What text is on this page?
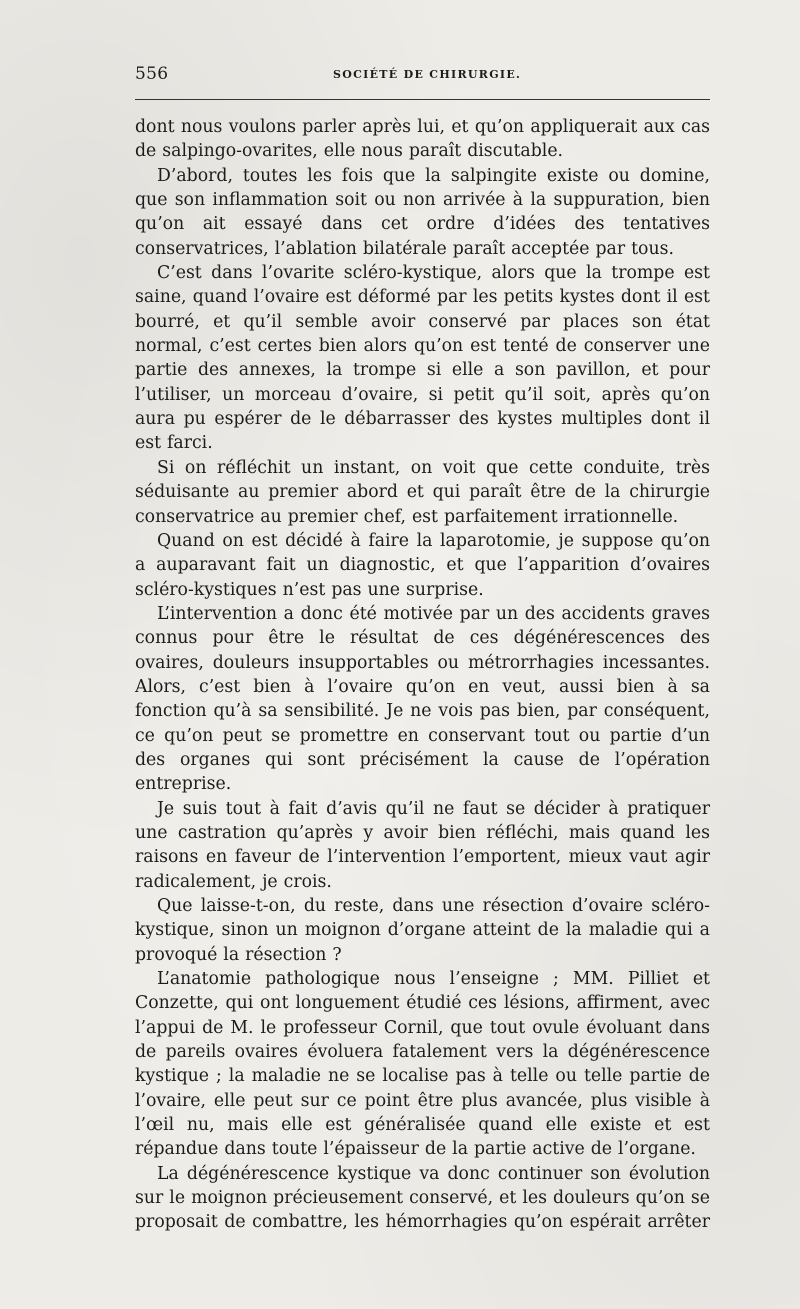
556	SOCIÉTÉ DE CHIRURGIE.

dont nous voulons parler après lui, et qu’on appliquerait aux cas de salpingo-ovarites, elle nous paraît discutable.

D’abord, toutes les fois que la salpingite existe ou domine, que son inflammation soit ou non arrivée à la suppuration, bien qu’on ait essayé dans cet ordre d’idées des tentatives conservatrices, l’ablation bilatérale paraît acceptée par tous.

C’est dans l’ovarite scléro-kystique, alors que la trompe est saine, quand l’ovaire est déformé par les petits kystes dont il est bourré, et qu’il semble avoir conservé par places son état normal, c’est certes bien alors qu’on est tenté de conserver une partie des annexes, la trompe si elle a son pavillon, et pour l’utiliser, un morceau d’ovaire, si petit qu’il soit, après qu’on aura pu espérer de le débarrasser des kystes multiples dont il est farci.

Si on réfléchit un instant, on voit que cette conduite, très séduisante au premier abord et qui paraît être de la chirurgie conservatrice au premier chef, est parfaitement irrationnelle.

Quand on est décidé à faire la laparotomie, je suppose qu’on a auparavant fait un diagnostic, et que l’apparition d’ovaires scléro-kystiques n’est pas une surprise.

L’intervention a donc été motivée par un des accidents graves connus pour être le résultat de ces dégénérescences des ovaires, douleurs insupportables ou métrorrhagies incessantes. Alors, c’est bien à l’ovaire qu’on en veut, aussi bien à sa fonction qu’à sa sensibilité. Je ne vois pas bien, par conséquent, ce qu’on peut se promettre en conservant tout ou partie d’un des organes qui sont précisément la cause de l’opération entreprise.

Je suis tout à fait d’avis qu’il ne faut se décider à pratiquer une castration qu’après y avoir bien réfléchi, mais quand les raisons en faveur de l’intervention l’emportent, mieux vaut agir radicalement, je crois.

Que laisse-t-on, du reste, dans une résection d’ovaire scléro-kystique, sinon un moignon d’organe atteint de la maladie qui a provoqué la résection ?

L’anatomie pathologique nous l’enseigne ; MM. Pilliet et Conzette, qui ont longuement étudié ces lésions, affirment, avec l’appui de M. le professeur Cornil, que tout ovule évoluant dans de pareils ovaires évoluera fatalement vers la dégénérescence kystique ; la maladie ne se localise pas à telle ou telle partie de l’ovaire, elle peut sur ce point être plus avancée, plus visible à l’œil nu, mais elle est généralisée quand elle existe et est répandue dans toute l’épaisseur de la partie active de l’organe.

La dégénérescence kystique va donc continuer son évolution sur le moignon précieusement conservé, et les douleurs qu’on se proposait de combattre, les hémorrhagies qu’on espérait arrêter
